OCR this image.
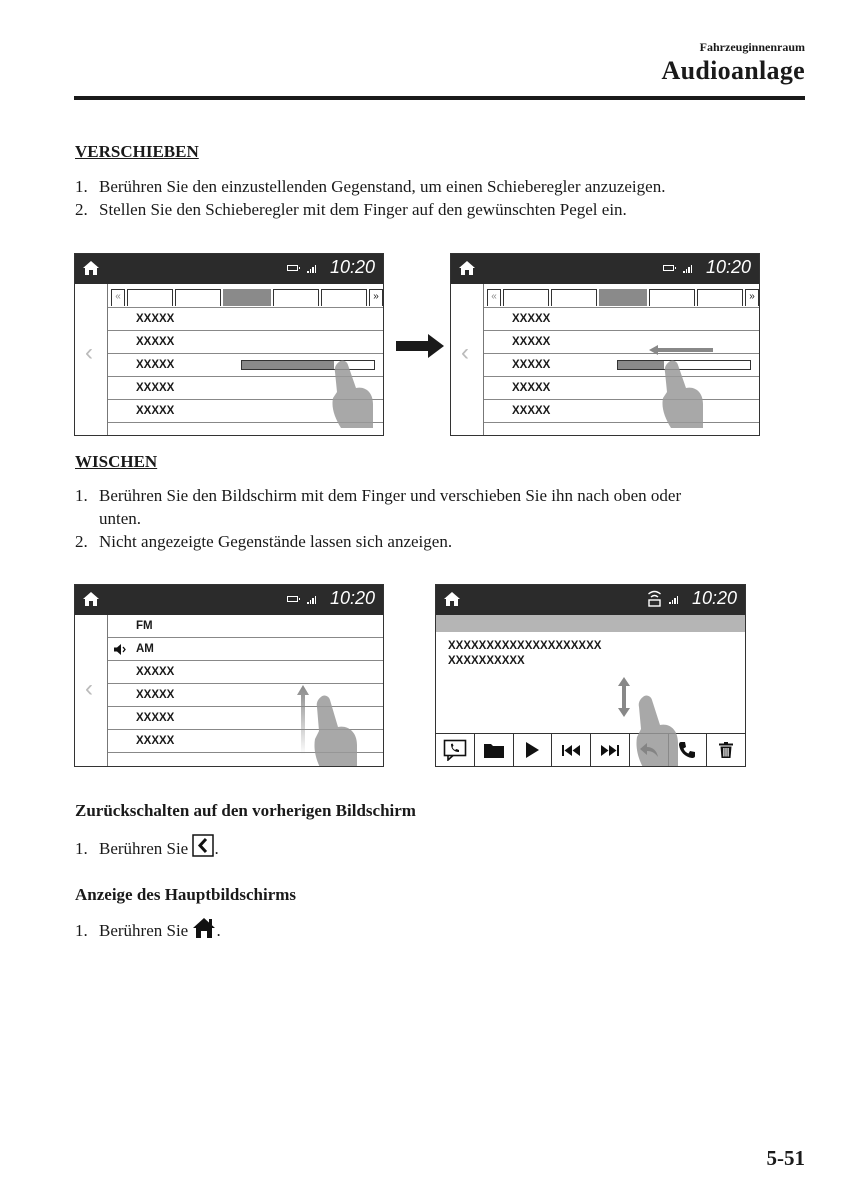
Fahrzeuginnenraum
Audioanlage
VERSCHIEBEN
1. Berühren Sie den einzustellenden Gegenstand, um einen Schieberegler anzuzeigen.
2. Stellen Sie den Schieberegler mit dem Finger auf den gewünschten Pegel ein.
10:20
‹
«	»
XXXXX
XXXXX
XXXXX
XXXXX
XXXXX
10:20
‹
«	»
XXXXX
XXXXX
XXXXX
XXXXX
XXXXX
WISCHEN
1. Berühren Sie den Bildschirm mit dem Finger und verschieben Sie ihn nach oben oder
unten.
2. Nicht angezeigte Gegenstände lassen sich anzeigen.
10:20
‹
FM
AM
XXXXX
XXXXX
XXXXX
XXXXX
10:20
XXXXXXXXXXXXXXXXXXXX
XXXXXXXXXX
Zurückschalten auf den vorherigen Bildschirm
1. Berühren Sie .
Anzeige des Hauptbildschirms
1. Berühren Sie .
5-51
